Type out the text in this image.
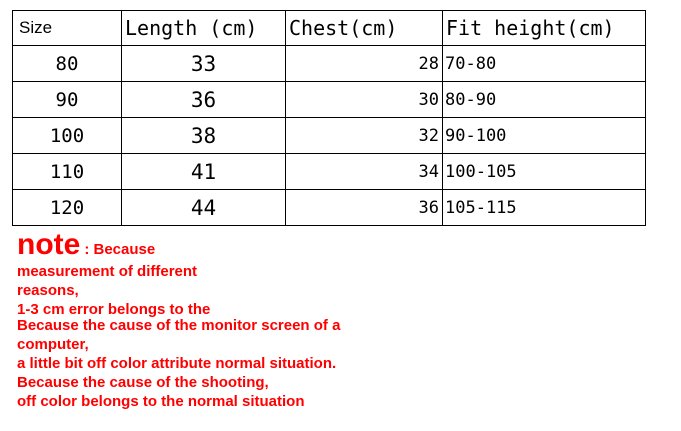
Size	Length (cm)	Chest(cm)	Fit height(cm)
80	33	28	70-80
90	36	30	80-90
100	38	32	90-100
110	41	34	100-105
120	44	36	105-115
note : Because
measurement of different
reasons,
1-3 cm error belongs to the
Because the cause of the monitor screen of a
computer,
a little bit off color attribute normal situation.
Because the cause of the shooting,
off color belongs to the normal situation
